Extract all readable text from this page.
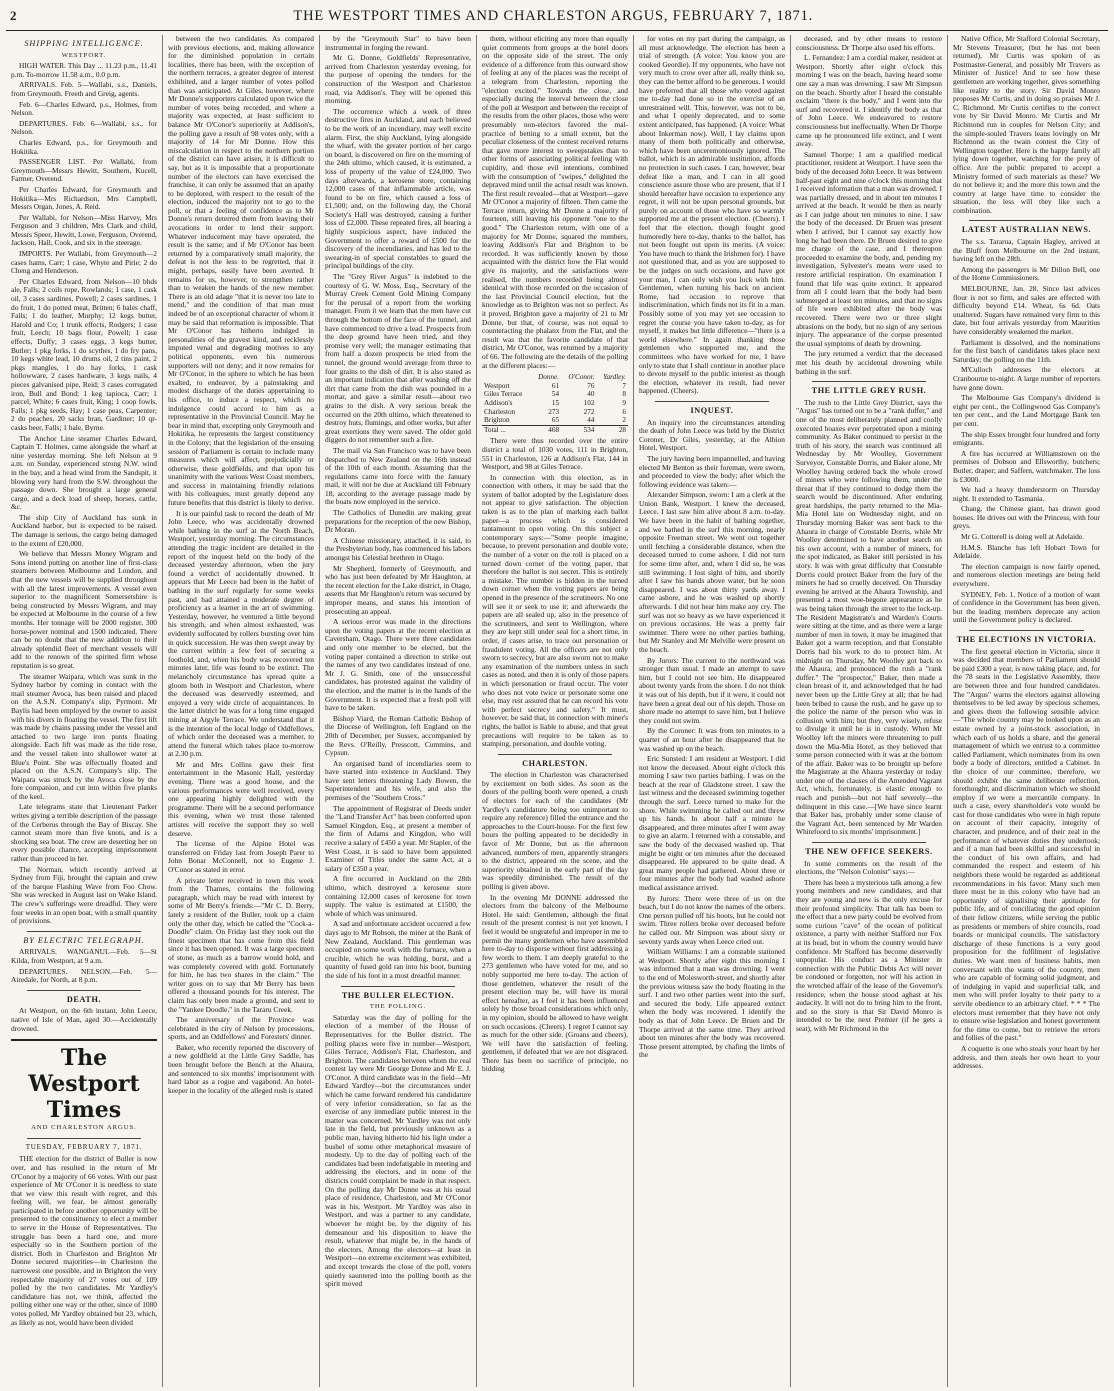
2	THE WESTPORT TIMES AND CHARLESTON ARGUS, FEBRUARY 7, 1871.
SHIPPING INTELLIGENCE.
WESTPORT.

HIGH WATER. This Day ... 11.23 p.m., 11.41 p.m. To-morrow 11.58 a.m., 0.0 p.m.

ARRIVALS. Feb. 5—Wallabi, s.s., Daniels, from Greymouth. Freeth and Greig, agents.

Feb. 6—Charles Edward, p.s., Holmes, from Nelson.

DEPARTURES. Feb. 6—Wallabi, s.s., for Nelson.

Charles Edward, p.s., for Greymouth and Hokitika.

PASSENGER LIST. Per Wallabi, from Greymouth—Messrs Hewitt, Southern, Kucell, Farmer, Overend.

Per Charles Edward, for Greymouth and Hokitika—Mrs Richardson, Mrs Campbell, Messrs Organ, Jones, A. Reid.

Per Wallabi, for Nelson—Miss Harvey, Mrs Ferguson and 3 children, Mrs Clark and child, Messrs Speer, Hewitt, Lowe, Ferguson, Overend, Jackson, Hall, Cook, and six in the steerage.

IMPORTS. Per Wallabi, from Greymouth—2 cases hams, Carr; 1 case, Whyte and Pirie; 2 do Cheng and Henderson.

Per Charles Edward, from Nelson—10 bhds ale, Falls; 2 coils rope, Rowlands; 1 case, 1 cask oil, 3 cases sardines, Powell; 2 cases sardines, 1 do fruit, 1 do potted meat, Britten; 6 bales chaff, Falls; 1 do leather, Murphy; 12 kegs butter, Harold and Co; 1 trunk effects, Rodgers; 1 case fruit, Leech; 10 bags flour, Powell; 1 case effects, Duffy; 3 cases eggs, 3 kegs butter, Butler; 1 pkg forks, 1 do scythes, 1 do fry pans, 10 kegs white lead, 10 drums oil, 2 tins paint, 2 pkgs mangles, 1 do hay forks, 1 cask hollowware, 2 cases hardware, 3 kegs nails, 4 pieces galvanised pipe, Reid; 3 cases corrugated iron, Bull and Bond; 1 keg tapioca, Carr; 1 parcel, White; 6 cases fruit, King; 1 coop fowls, Falls; 1 pkg seeds, Hay; 1 case peas, Carpenter; 2 do peaches, 20 sacks bran, Gardiner; 10 qr-casks beer, Falls; 1 bale, Byrne.

The Anchor Line steamer Charles Edward, Captain T. Holmes, came alongside the wharf at nine yesterday morning. She left Nelson at 9 a.m. on Sunday, experienced strong N.W. wind in the bay, and a head wind from the Sandspit, it blowing very hard from the S.W. throughout the passage down. She brought a large general cargo, and a deck load of sheep, horses, cattle, &c.

The ship City of Auckland has sunk in Auckland harbor, but is expected to be raised. The damage is serious, the cargo being damaged to the extent of £20,000.

We believe that Messrs Money Wigram and Sons intend putting on another line of first-class steamers between Melbourne and London, and that the new vessels will be supplied throughout with all the latest improvements. A vessel even superior to the magnificent Somersetshire is being constructed by Messrs Wigram, and may be expected at Melbourne in the course of a few months. Her tonnage will be 2000 register, 300 horse-power nominal and 1500 indicated. There can be no doubt that the new addition to their already splendid fleet of merchant vessels will add to the renown of the spirited firm whose reputation is so great.

The steamer Waipara, which was sunk in the Sydney harbor by coming in contact with the mail steamer Avoca, has been raised and placed on the A.S.N. Company's slip, Pyrmont. Mr Baylis had been employed by the owner to assist with his divers in floating the vessel. The first lift was made by chains passing under the vessel and attached to two large iron punts floating alongside. Each lift was made as the tide rose, and the vessel taken into shallower water at Blue's Point. She was effectually floated and placed on the A.S.N. Company's slip. The Waipara was struck by the Avoca close by the fore companion, and cut into within five planks of the keel.

Late telegrams state that Lieutenant Parker writes giving a terrible description of the passage of the Cerberus through the Bay of Biscay. She cannot steam more than five knots, and is a shocking sea boat. The crew are deserting her on every possible chance, accepting imprisonment rather than proceed in her.

The Norman, which recently arrived at Sydney from Fiji, brought the captain and crew of the barque Flashing Wave from Foo Chow. She was wrecked in August last on Wake Island. The crew's sufferings were dreadful. They were four weeks in an open boat, with a small quantity of provisions.

BY ELECTRIC TELEGRAPH.

ARRIVALS. WANGANUI.—Feb. 5—St Kilda, from Westport, at 9 a.m.

DEPARTURES. NELSON.—Feb. 5—Airedale, for North, at 8 p.m.

DEATH.

At Westport, on the 6th instant, John Leece, native of Isle of Man, aged 30.—Accidentally drowned.

The Westport Times
AND CHARLESTON ARGUS.
TUESDAY, FEBRUARY 7, 1871.

THE election for the district of Buller is now over, and has resulted in the return of Mr O'Conor by a majority of 66 votes. With our past experience of Mr O'Conor it is needless to state that we view this result with regret, and this feeling will, we fear, be almost generally participated in before another opportunity will be presented to the constituency to elect a member to serve in the House of Representatives. The struggle has been a hard one, and more especially so in the Southern portion of the district. Both in Charleston and Brighton Mr Donne secured majorities—in Charleston the narrowest one possible, and in Brighton the very respectable majority of 27 votes out of 109 polled by the two candidates. Mr Yardley's candidature has not, we think, affected the polling either one way or the other, since of 1080 votes polled, Mr Yardley obtained but 23, which, as likely as not, would have been divided

between the two candidates. As compared with previous elections, and, making allowance for the diminished population in certain localities, there has been, with the exception of the northern terraces, a greater degree of interest exhibited, and a larger number of votes polled than was anticipated. At Giles, however, where Mr Donne's supporters calculated upon twice the number of votes being recorded, and where a majority was expected, at least sufficient to balance Mr O'Conor's superiority at Addison's, the polling gave a result of 98 votes only, with a majority of 14 for Mr Donne. How this miscalculation in respect to the northern portion of the district can have arisen, it is difficult to say, but as it is impossible that a proportionate number of the electors can have exercised the franchise, it can only be assumed that an apathy to be deplored, with respect to the result of the election, induced the majority not to go to the poll, or that a feeling of confidence as to Mr Donne's return deterred them from leaving their avocations in order to lend their support. Whatever inducement may have operated, the result is the same; and if Mr O'Conor has been returned by a comparatively small majority, the defeat is not the less to be regretted, that it might, perhaps, easily have been averted. It remains for us, however, to strengthen rather than to weaken the hands of the new member. There is an old adage "that it is never too late to mend," and the condition of that man must indeed be of an exceptional character of whom it may be said that reformation is impossible. That Mr O'Conor has hitherto indulged in personalities of the gravest kind, and recklessly imputed venal and degrading motives to any political opponents, even his numerous supporters will not deny; and it now remains for Mr O'Conor, in the sphere to which he has been exalted, to endeavor, by a painstaking and modest discharge of the duties appertaining to his office, to induce a respect, which no indulgence could accord to him as a representative in the Provincial Council. May he bear in mind that, excepting only Greymouth and Hokitika, he represents the largest constituency in the Colony; that the legislation of the ensuing session of Parliament is certain to include many measures which will affect, prejudicially or otherwise, these goldfields, and that upon his unanimity with the various West Coast members, and success in maintaining friendly relations with his colleagues, must greatly depend any future benefits that this district is likely to derive.

It is our painful task to record the death of Mr John Leece, who was accidentally drowned while bathing in the surf at the North Beach, Westport, yesterday morning. The circumstances attending the tragic incident are detailed in the report of the inquest held on the body of the deceased yesterday afternoon, when the jury found a verdict of accidentally drowned. It appears that Mr Leece had been in the habit of bathing in the surf regularly for some weeks past, and had attained a moderate degree of proficiency as a learner in the art of swimming. Yesterday, however, he ventured a little beyond his strength, and when almost exhausted, was evidently suffocated by rollers bursting over him in quick succession. He was then swept away by the current within a few feet of securing a foothold, and, when his body was recovered ten minutes later, life was found to be extinct. The melancholy circumstance has spread quite a gloom both in Westport and Charleston, where the deceased was deservedly esteemed, and enjoyed a very wide circle of acquaintances. In the latter district he was for a long time engaged mining at Argyle Terrace. We understand that it is the intention of the local lodge of Oddfellows, of which order the deceased was a member, to attend the funeral which takes place to-morrow at 2.30 p.m.

Mr and Mrs Collins gave their first entertainment in the Masonic Hall, yesterday evening. There was a good house, and the various performances were well received, every one appearing highly delighted with the programme. There will be a second performance this evening, when we trust those talented artistes will receive the support they so well deserve.

The license of the Alpine Hotel was transferred on Friday last from Joseph Parer to John Bonar McConnell, not to Eugene J. O'Conor as stated in error.

A private letter received in town this week from the Thames, contains the following paragraph, which may be read with interest by some of Mr Berry's friends:—"Mr C. D. Berry, lately a resident of the Buller, took up a claim only the other day, which he called the "Cock-a-Doodle" claim. On Friday last they took out the finest specimen that has come from this field since it has been opened. It was a large specimen of stone, as much as a barrow would hold, and was completely covered with gold. Fortunately for him, he has two shares in the claim." The writer goes on to say that Mr Berry has been offered a thousand pounds for his interest. The claim has only been made a ground, and sent to the "Yankee Doodle," in the Tararu Creek.

The anniversary of the Province was celebrated in the city of Nelson by processions, sports, and an Oddfellows' and Foresters' dinner.

Baker, who recently reported the discovery of a new goldfield at the Little Grey Saddle, has been brought before the Bench at the Ahaura, and sentenced to six months' imprisonment with hard labor as a rogue and vagabond. An hotel-keeper in the locality of the alleged rush is stated

by the "Greymouth Star" to have been instrumental in forging the reward.

Mr G. Donne, Goldfields' Representative, arrived from Charleston yesterday evening, for the purpose of opening the tenders for the construction of the Westport and Charleston road, via Addison's. They will be opened this morning.

The occurrence which a week of three destructive fires in Auckland, and each believed to be the work of an incendiary, may well excite alarm. First, the ship Auckland, lying alongside the wharf, with the greater portion of her cargo on board, is discovered on fire on the morning of the 24th ultimo, which caused, it is estimated, a loss of property of the value of £24,000. Two days afterwards, a kerosene store, containing 12,000 cases of that inflammable article, was found to be on fire, which caused a loss of £1,500; and, on the following day, the Choral Society's Hall was destroyed, causing a further loss of £2,000. These repeated fires, all bearing a highly suspicious aspect, have induced the Government to offer a reward of £500 for the discovery of the incendiaries, and has led to the swearing-in of special constables to guard the principal buildings of the city.

The "Grey River Argus" is indebted to the courtesy of G. W. Moss, Esq., Secretary of the Murray Creek Cement Gold Mining Company for the perusal of a report from the working manager. From it we learn that the men have cut through the bottom of the face of the tunnel, and have commenced to drive a lead. Prospects from the deep ground have been tried, and they promise very well; the manager estimating that from half a dozen prospects he tried from the tunnel, the ground would average from three to four grains to the dish of dirt. It is also stated as an important indication that after washing off the dirt that came from the dish was pounded in a mortar, and gave a similar result—about two grains to the dish. A very serious break the occurred on the 20th ultimo, which threatened to destroy huts, flumings, and other works, but after great exertions they were saved. The older gold diggers do not remember such a fire.

The mail via San Francisco was to have been despatched to New Zealand on the 16th instead of the 10th of each month. Assuming that the regulations came into force with the January mail, it will not be due at Auckland till February 18, according to the average passage made by the boats now employed in the service.

The Catholics of Dunedin are making great preparations for the reception of the new Bishop, Dr Moran.

A Chinese missionary, attached, it is said, to the Presbyterian body, has commenced his labors amongst his Celestial brethren in Otago.

Mr Shepherd, formerly of Greymouth, and who has just been defeated by Mr Haughton, at the recent election for the Lake district, in Otago, asserts that Mr Haughton's return was secured by improper means, and states his intention of prosecuting an appeal.

A serious error was made in the directions upon the voting papers at the recent election at Caversham, Otago. There were three candidates and only one member to be elected, but the voting paper contained a direction to strike out the names of any two candidates instead of one. Mr J. G. Smith, one of the unsuccessful candidates, has protested against the validity of the election, and the matter is in the hands of the Government. It is expected that a fresh poll will have to be taken.

Bishop Viard, the Roman Catholic Bishop of the Diocese of Wellington, left England on the 20th of December, per Sussex, accompanied by the Revs. O'Reilly, Presscott, Cummins, and Cypsun.

An organised band of incendiaries seem to have started into existence in Auckland. They have sent letters threatening Lady Bowen, the Superintendent and his wife, and also the premises of the "Southern Cross."

The appointment of Registrar of Deeds under the "Land Transfer Act" has been conferred upon Samuel Kingdon, Esq., at present a member of the firm of Adams and Kingdon, who will receive a salary of £450 a year. Mr Stapler, of the West Coast, it is said to have been appointed Examiner of Titles under the same Act, at a salary of £350 a year.

A fire occurred in Auckland on the 28th ultimo, which destroyed a kerosene store containing 12,000 cases of kerosene for town supply. The value is estimated at £1500, the whole of which was uninsured.

A sad and unfortunate accident occurred a few days ago to Mr Robson, the miner at the Bank of New Zealand, Auckland. This gentleman was occupied on some work with the furnace, when a crucible, which he was holding, burst, and a quantity of fused gold ran into his boot, burning the side of his foot in a most dreadful manner.

THE BULLER ELECTION.
THE POLLING.

Saturday was the day of polling for the election of a member of the House of Representatives for the Buller district. The polling places were five in number—Westport, Giles Terrace, Addison's Flat, Charleston, and Brighton. The candidates between whom the real contest lay were Mr George Donne and Mr E. J. O'Conor. A third candidate was in the field—Mr Edward Yardley—but the circumstances under which he came forward rendered his candidature of very inferior consideration, so far as the exercise of any immediate public interest in the matter was concerned. Mr Yardley was not only late in the field, but previously unknown as a public man, having hitherto hid his light under a bushel of some other metaphorical measure of modesty. Up to the day of polling each of the candidates had been indefatigable in meeting and addressing the electors, and in none of the districts could complaint be made in that respect. On the polling day Mr Donne was at his usual place of residence, Charleston, and Mr O'Conor was in his, Westport. Mr Yardley was also in Westport, and was a partner to any candidate, whoever he might be, by the dignity of his demeanour and his disposition to leave the result, whatever that might be, in the hands of the electors. Among the electors—at least in Westport—no extreme excitement was exhibited, and except towards the close of the poll, voters quietly sauntered into the polling booth as the spirit moved

them, without eliciting any more than equally quiet comments from groups at the hotel doors on the opposite side of the street. The only evidence of a difference from this outward show of feeling at any of the places was the receipt of a telegram from Charleston, reporting the "election excited." Towards the close, and especially during the interval between the close of the poll at Westport and between the receipt of the results from the other places, those who were presumably non-electors favored the mal-practice of betting to a small extent, but the peculiar closeness of the contest received returns that gave more interest to sweepstakes than to other forms of associating political feeling with cupidity, and those evil intentions, combined with the consumption of "swipes," delighted the depraved mind until the actual result was known. The first result revealed—that at Westport—gave Mr O'Conor a majority of fifteen. Then came the Terrace return, giving Mr Donne a majority of fourteen, still leaving his opponent "one to the good." The Charleston return, with one of a majority for Mr Donne, squared the numbers, leaving Addison's Flat and Brighton to be recorded. It was sufficiently known by those acquainted with the district how the Flat would give its majority, and the satisfactions were realised, the numbers recorded being almost identical with those recorded on the occasion of the last Provincial Council election, but the knowledge as to Brighton was not so perfect. As it proved, Brighton gave a majority of 21 to Mr Donne, but that, of course, was not equal to counteracting the phalanx from the Flat, and the result was that the favorite candidate of that district, Mr O'Conor, was returned by a majority of 66. The following are the details of the polling at the different places:—

	Donne.	O'Conor.	Yardley.
Westport	61	76	7
Giles Terrace	54	40	8
Addison's	15	102	9
Charleston	273	272	6
Brighton	65	44	2
Total ...	468	534	28

There were thus recorded over the entire district a total of 1030 votes, 111 in Brighton, 551 in Charleston, 126 at Addison's Flat, 144 in Westport, and 98 at Giles Terrace.

In connection with this election, as in connection with others, it may be said that the system of ballot adopted by the Legislature does not appear to give satisfaction. The objection taken is as to the plan of marking each ballot paper—a process which is considered tantamount to open voting. On this subject a contemporary says:—"Some people imagine, because, to prevent personation and double vote, the number of a voter on the roll is placed on a turned down corner of the voting paper, that therefore the ballot is not secret. This is entirely a mistake. The number is hidden in the turned down corner when the voting papers are being opened in the presence of the scrutineers. No one will see it or seek to use it; and afterwards the papers are all sealed up, also in the presence of the scrutineers, and sent to Wellington, where they are kept still under seal for a short time, in order, if cases arise, to trace out personation or fraudulent voting. All the officers are not only sworn to secrecy, but are also sworn not to make any examination of the numbers unless in such cases as noted, and then it is only of those papers in which personation or fraud occur. The voter who does not vote twice or personate some one else, may rest assured that he can record his vote with perfect secrecy and safety." It must, however, be said that, in connection with miner's rights, the ballot is liable to abuse, and that great precautions will require to be taken as to stamping, personation, and double voting.

CHARLESTON.

The election in Charleston was characterised by excitement on both sides. As soon as the doors of the polling booth were opened, a crush of electors for each of the candidates (Mr Yardley's candidature being too unimportant to require any reference) filled the entrance and the approaches to the Court-house. For the first few hours the polling appeared to be decidedly in favor of Mr Donne, but as the afternoon advanced, numbers of men, apparently strangers to the district, appeared on the scene, and the superiority obtained in the early part of the day was speedily diminished. The result of the polling is given above.

In the evening Mr DONNE addressed the electors from the balcony of the Melbourne Hotel. He said: Gentlemen, although the final result of the present contest is not yet known, I feel it would be ungrateful and improper in me to permit the many gentlemen who have assembled here to-day to disperse without first addressing a few words to them. I am deeply grateful to the 273 gentlemen who have voted for me, and so nobly supported me here to-day. The action of those gentlemen, whatever the result of the present election may be, will have its moral effect hereafter, as I feel it has been influenced solely by those broad considerations which only, in my opinion, should be allowed to have weight on such occasions. (Cheers). I regret I cannot say as much for the other side. (Groans and cheers). We will have the satisfaction of feeling, gentlemen, if defeated that we are not disgraced. There has been no sacrifice of principle, no bidding

for votes on my part during the campaign, as all must acknowledge. The election has been a trial of strength. (A voice: You know you are cooked Geordie). If my opponents, who have not very much to crow over after all, really think so, they can the better afford to be generous. I would have preferred that all those who voted against me to-day had done so in the exercise of an unrestrained will. This, however, was not to be, and what I openly deprecated, and to some extent anticipated, has happened. (A voice: What about Inkerman now). Well, I lay claims upon many of them both politically and otherwise, which have been unceremoniously ignored. The ballot, which is an admirable institution, affords no protection in such cases. I can, however, bear defeat like a man, and I can in all good conscience assure those who are present, that if I should hereafter have occasion to experience any regret, it will not be upon personal grounds, but purely on account of those who have so warmly supported me at the present election. (Cheers). I feel that the election, though fought good humoredly here to-day, thanks to the ballot, has not been fought out upon its merits. (A voice: You have much to thank the Irishmen for). I have not questioned that, and as you are supposed to be the judges on such occasions, and have got your man, I can only wish you luck with him. Gentlemen, when turning his back on ancient Rome, had occasion to reprove that indiscrimination, which finds not its fit in a man. Possibly some of you may yet see occasion to regret the course you have taken to-day, as for myself, it makes but little difference—"there is a world elsewhere." In again thanking those gentlemen who supported me, and the committees who have worked for me, I have only to state that I shall continue in another place to devote myself to the public interest as though the election, whatever its result, had never happened. (Cheers).

INQUEST.

An inquiry into the circumstances attending the death of John Leece was held by the District Coroner, Dr Giles, yesterday, at the Albion Hotel, Westport.

The jury having been impannelled, and having elected Mr Benton as their foreman, were sworn, and proceeded to view the body; after which the following evidence was taken:—

Alexander Simpson, sworn: I am a clerk at the Union Bank, Westport. I knew the deceased, Leece. I last saw him alive about 8 a.m. to-day. We have been in the habit of bathing together, and we bathed in the surf this morning, nearly opposite Freeman street. We went out together until fetching a considerable distance, when the deceased turned to come ashore. I did not turn for some time after, and, when I did so, he was still swimming. I lost sight of him, and shortly after I saw his hands above water, but he soon disappeared. I was about thirty yards away. I came ashore, and he was washed up shortly afterwards. I did not hear him make any cry. The surf was not so heavy as we have experienced it on previous occasions. He was a pretty fair swimmer. There were no other parties bathing, but Mr Stanley and Mr Melville were present on the beach.

By Jurors: The current to the northward was stronger than usual. I made an attempt to save him, but I could not see him. He disappeared about twenty yards from the shore. I do not think it was out of his depth, but if it were, it could not have been a great deal out of his depth. Those on shore made no attempt to save him, but I believe they could not swim.

By the Coroner: It was from ten minutes to a quarter of an hour after he disappeared that he was washed up on the beach.

Eric Sunsted: I am resident at Westport. I did not know the deceased. About eight o'clock this morning I saw two parties bathing. I was on the beach at the rear of Gladstone street. I saw the last witness and the deceased swimming together through the surf. Leece turned to make for the shore. While swimming he called out and threw up his hands. In about half a minute he disappeared, and three minutes after I went away to give an alarm. I returned with a constable, and saw the body of the deceased washed up. That might be eight or ten minutes after the deceased disappeared. He appeared to be quite dead. A great many people had gathered. About three or four minutes after the body had washed ashore medical assistance arrived.

By Jurors: There were three of us on the beach, but I do not know the names of the others. One person pulled off his boots, but he could not swim. Three rollers broke over deceased before he called out. Mr Simpson was about sixty or seventy yards away when Leece cried out.

William Williams: I am a constable stationed at Westport. Shortly after eight this morning I was informed that a man was drowning. I went to the end of Molesworth-street, and shortly after the previous witness saw the body floating in the surf. I and two other parties went into the surf, and secured the body. Life appeared extinct when the body was recovered. I identify the body as that of John Leece. Dr Bruen and Dr Thorpe arrived at the same time. They arrived about ten minutes after the body was recovered. Those present attempted, by chafing the limbs of the

deceased, and by other means to restore consciousness. Dr Thorpe also used his efforts.

L. Fernandez: I am a cordial maker, resident at Westport. Shortly after eight o'clock this morning I was on the beach, having heard some one say a man was drowning. I saw Mr Simpson on the beach. Shortly after I heard the constable exclaim "there is the body," and I went into the surf and recovered it. I identify the body as that of John Leece. We endeavored to restore consciousness but ineffectually. When Dr Thorpe came up he pronounced life extinct, and I went away.

Samuel Thorpe: I am a qualified medical practitioner, resident at Westport. I have seen the body of the deceased John Leece. It was between half-past eight and nine o'clock this morning that I received information that a man was drowned. I was partially dressed, and in about ten minutes I arrived at the beach. It would be then as nearly as I can judge about ten minutes to nine. I saw the body of the deceased. Dr Bruen was present when I arrived, but I cannot say exactly how long he had been there. Dr Bruen desired to give me charge of the case, and I thereupon proceeded to examine the body, and, pending my investigation, Sylvester's means were used to restore artificial respiration. On examination I found that life was quite extinct. It appeared from all I could learn that the body had been submerged at least ten minutes, and that no signs of life were exhibited after the body was recovered. There were two or three slight abrasions on the body, but no sign of any serious injury. The appearance of the corpse presented the usual symptoms of death by drowning.

The jury returned a verdict that the deceased met his death by accidental drowning while bathing in the surf.

THE LITTLE GREY RUSH.

The rush to the Little Grey District, says the "Argus" has turned out to be a "rank duffer," and one of the most deliberately planned and coolly executed hoaxes ever perpetrated upon a mining community. As Baker continued to persist in the truth of his story, the search was continued all Wednesday by Mr Woolley, Government Surveyor, Constable Dorris, and Baker alone, Mr Woolley having ordered back the whole crowd of miners who were following them, under the threat that if they continued to dodge them the search would be discontinued. After enduring great hardships, the party returned to the Mia-Mia Hotel late on Wednesday night, and on Thursday morning Baker was sent back to the Ahaura in charge of Constable Dorris, while Mr Woolley determined to have another search on his own account, with a number of miners, for the spot indicated, as Baker still persisted in his story. It was with great difficulty that Constable Dorris could protect Baker from the fury of the miners he had so cruelly deceived. On Thursday evening he arrived at the Ahaura Township, and presented a most woe-begone appearance as he was being taken through the street to the lock-up. The Resident Magistrate's and Warden's Courts were sitting at the time, and as there were a large number of men in town, it may be imagined that Baker got a warm reception, and that Constable Dorris had his work to do to protect him. At midnight on Thursday, Mr Woolley got back to the Ahaura, and pronounced the rush a "rank duffer." The "prospector," Baker, then made a clean breast of it, and acknowledged that he had never been up the Little Grey at all; that he had been bribed to cause the rush, and he gave up to the police the name of the person who was in collusion with him; but they, very wisely, refuse to divulge it until he is in custody. When Mr Woolley left the miners were threatening to pull down the Mia-Mia Hotel, as they believed that some person connected with it was at the bottom of the affair. Baker was to be brought up before the Magistrate at the Ahaura yesterday or today under one of the clauses of the Amended Vagrant Act, which, fortunately, is elastic enough to reach and punish—but not half severely—the delinquent in this case.—[We have since learnt that Baker has, probably under some clause of the Vagrant Act, been sentenced by Mr Warden Whitefoord to six months' imprisonment.]

THE NEW OFFICE SEEKERS.

In some comments on the result of the elections, the "Nelson Colonist" says:—

There has been a mysterious talk among a few young members and new candidates, and that they are young and new is the only excuse for their profound simplicity. That talk has been to the effect that a new party could be evolved from some curious "cave" of the ocean of political existence, a party with neither Stafford nor Fox at its head, but in whom the country would have confidence. Mr Stafford has become deservedly unpopular. His conduct as a Minister in connection with the Public Debts Act will never be condoned or forgotten, nor will his action in the wretched affair of the lease of the Governor's residence, when the house stood aghast at his audacity. It will not do to bring him to the front, and so the story is that Sir David Monro is intended to be the next Premier (if he gets a seat), with Mr Richmond in the

Native Office, Mr Stafford Colonial Secretary, Mr Stevens Treasurer, (but he has not been returned), Mr Curtis was spoken of as Postmaster-General, and possibly Mr Travers as Minister of Justice! And to see how these gentlemen are working together, gives something like reality to the story. Sir David Monro proposes Mr Curtis, and in doing so praises Mr J. C. Richmond. Mr Curtis certifies to the correct vote by Sir David Monro. Mr Curtis and Mr Richmond run in couples for Nelson City; and the simple-souled Travers leans lovingly on Mr Richmond as the twain contest the City of Wellington together. Here is the happy family all lying down together, watching for the prey of office. Are the public prepared to accept a Ministry formed of such materials as these? We do not believe it; and the more this town and the country at large have time to consider the situation, the less will they like such a combination.

LATEST AUSTRALIAN NEWS.

The s.s. Tararua, Captain Hagley, arrived at the Bluff from Melbourne on the 2nd instant, having left on the 28th.

Among the passengers is Mr Dillon Bell, one of the Home Commissioners.

MELBOURNE, Jan. 28. Since last advices flour is not so firm, and sales are effected with difficulty beyond £14. Wheat, 6s 6d. Oats unaltered. Sugars have remained very firm to this date, but four arrivals yesterday from Mauritius have considerably weakened the market.

Parliament is dissolved, and the nominations for the first batch of candidates takes place next Saturday; the polling on the 11th.

M'Culloch addresses the electors at Cranbourne to-night. A large number of reporters have gone down.

The Melbourne Gas Company's dividend is eight per cent., the Collingwood Gas Company's ten per cent., and the Land Mortgage Bank ten per cent.

The ship Essex brought four hundred and forty emigrants.

A fire has occurred at Williamstown on the premises of Dobson and Ellsworthy, butchers; Butler, draper; and Saffern, watchmaker. The loss is £3000.

We had a heavy thunderstorm on Thursday night. It extended to Tasmania.

Chang, the Chinese giant, has drawn good houses. He drives out with the Princess, with four greys.

Mr G. Cotterell is doing well at Adelaide.

H.M.S. Blanche has left Hobart Town for Adelaide.

The election campaign is now fairly opened, and numerous election meetings are being held everywhere.

SYDNEY, Feb. 1. Notice of a motion of want of confidence in the Government has been given, but the leading members deprecate any action until the Government policy is declared.

THE ELECTIONS IN VICTORIA.

The first general election in Victoria, since it was decided that members of Parliament should be paid £300 a year, is now taking place, and, for the 78 seats in the Legislative Assembly, there are between three and four hundred candidates. The "Argus" warns the electors against allowing themselves to be led away by specious schemes, and gives them the following sensible advice:—"The whole country may be looked upon as an estate owned by a joint-stock association, in which each of us holds a share, and the general management of which we entrust to a committee called Parliament, which nominates from its own body a body of directors, entitled a Cabinet. In the choice of our committee, therefore, we should exhibit the same deliberate reflection, forethought, and discrimination which we should employ if we were a mercantile company. In such a case, every shareholder's vote would be cast for those candidates who were in high repute on account of their capacity, integrity of character, and prudence, and of their zeal in the performance of whatever duties they undertook; and if a man had been skilful and successful in the conduct of his own affairs, and had commanded the respect and esteem of his neighbors these would be regarded as additional recommendations in his favor. Many such men there must be in this colony who have had an opportunity of signalising their aptitude for public life, and of conciliating the good opinion of their fellow citizens, while serving the public as presidents or members of shire councils, road boards or municipal councils. The satisfactory discharge of these functions is a very good proposition for the fulfilment of legislative duties. We want men of business habits, men conversant with the wants of the country, men who are capable of forming solid judgment, and of indulging in vapid and superficial talk, and men who will prefer loyalty to their party to a servile obedience to an arbitrary chief. * * * The electors must remember that they have not only to ensure wise legislation and honest government for the time to come, but to retrieve the errors and follies of the past."

A coquette is one who steals your heart by her address, and then steals her own heart to your addresses.
